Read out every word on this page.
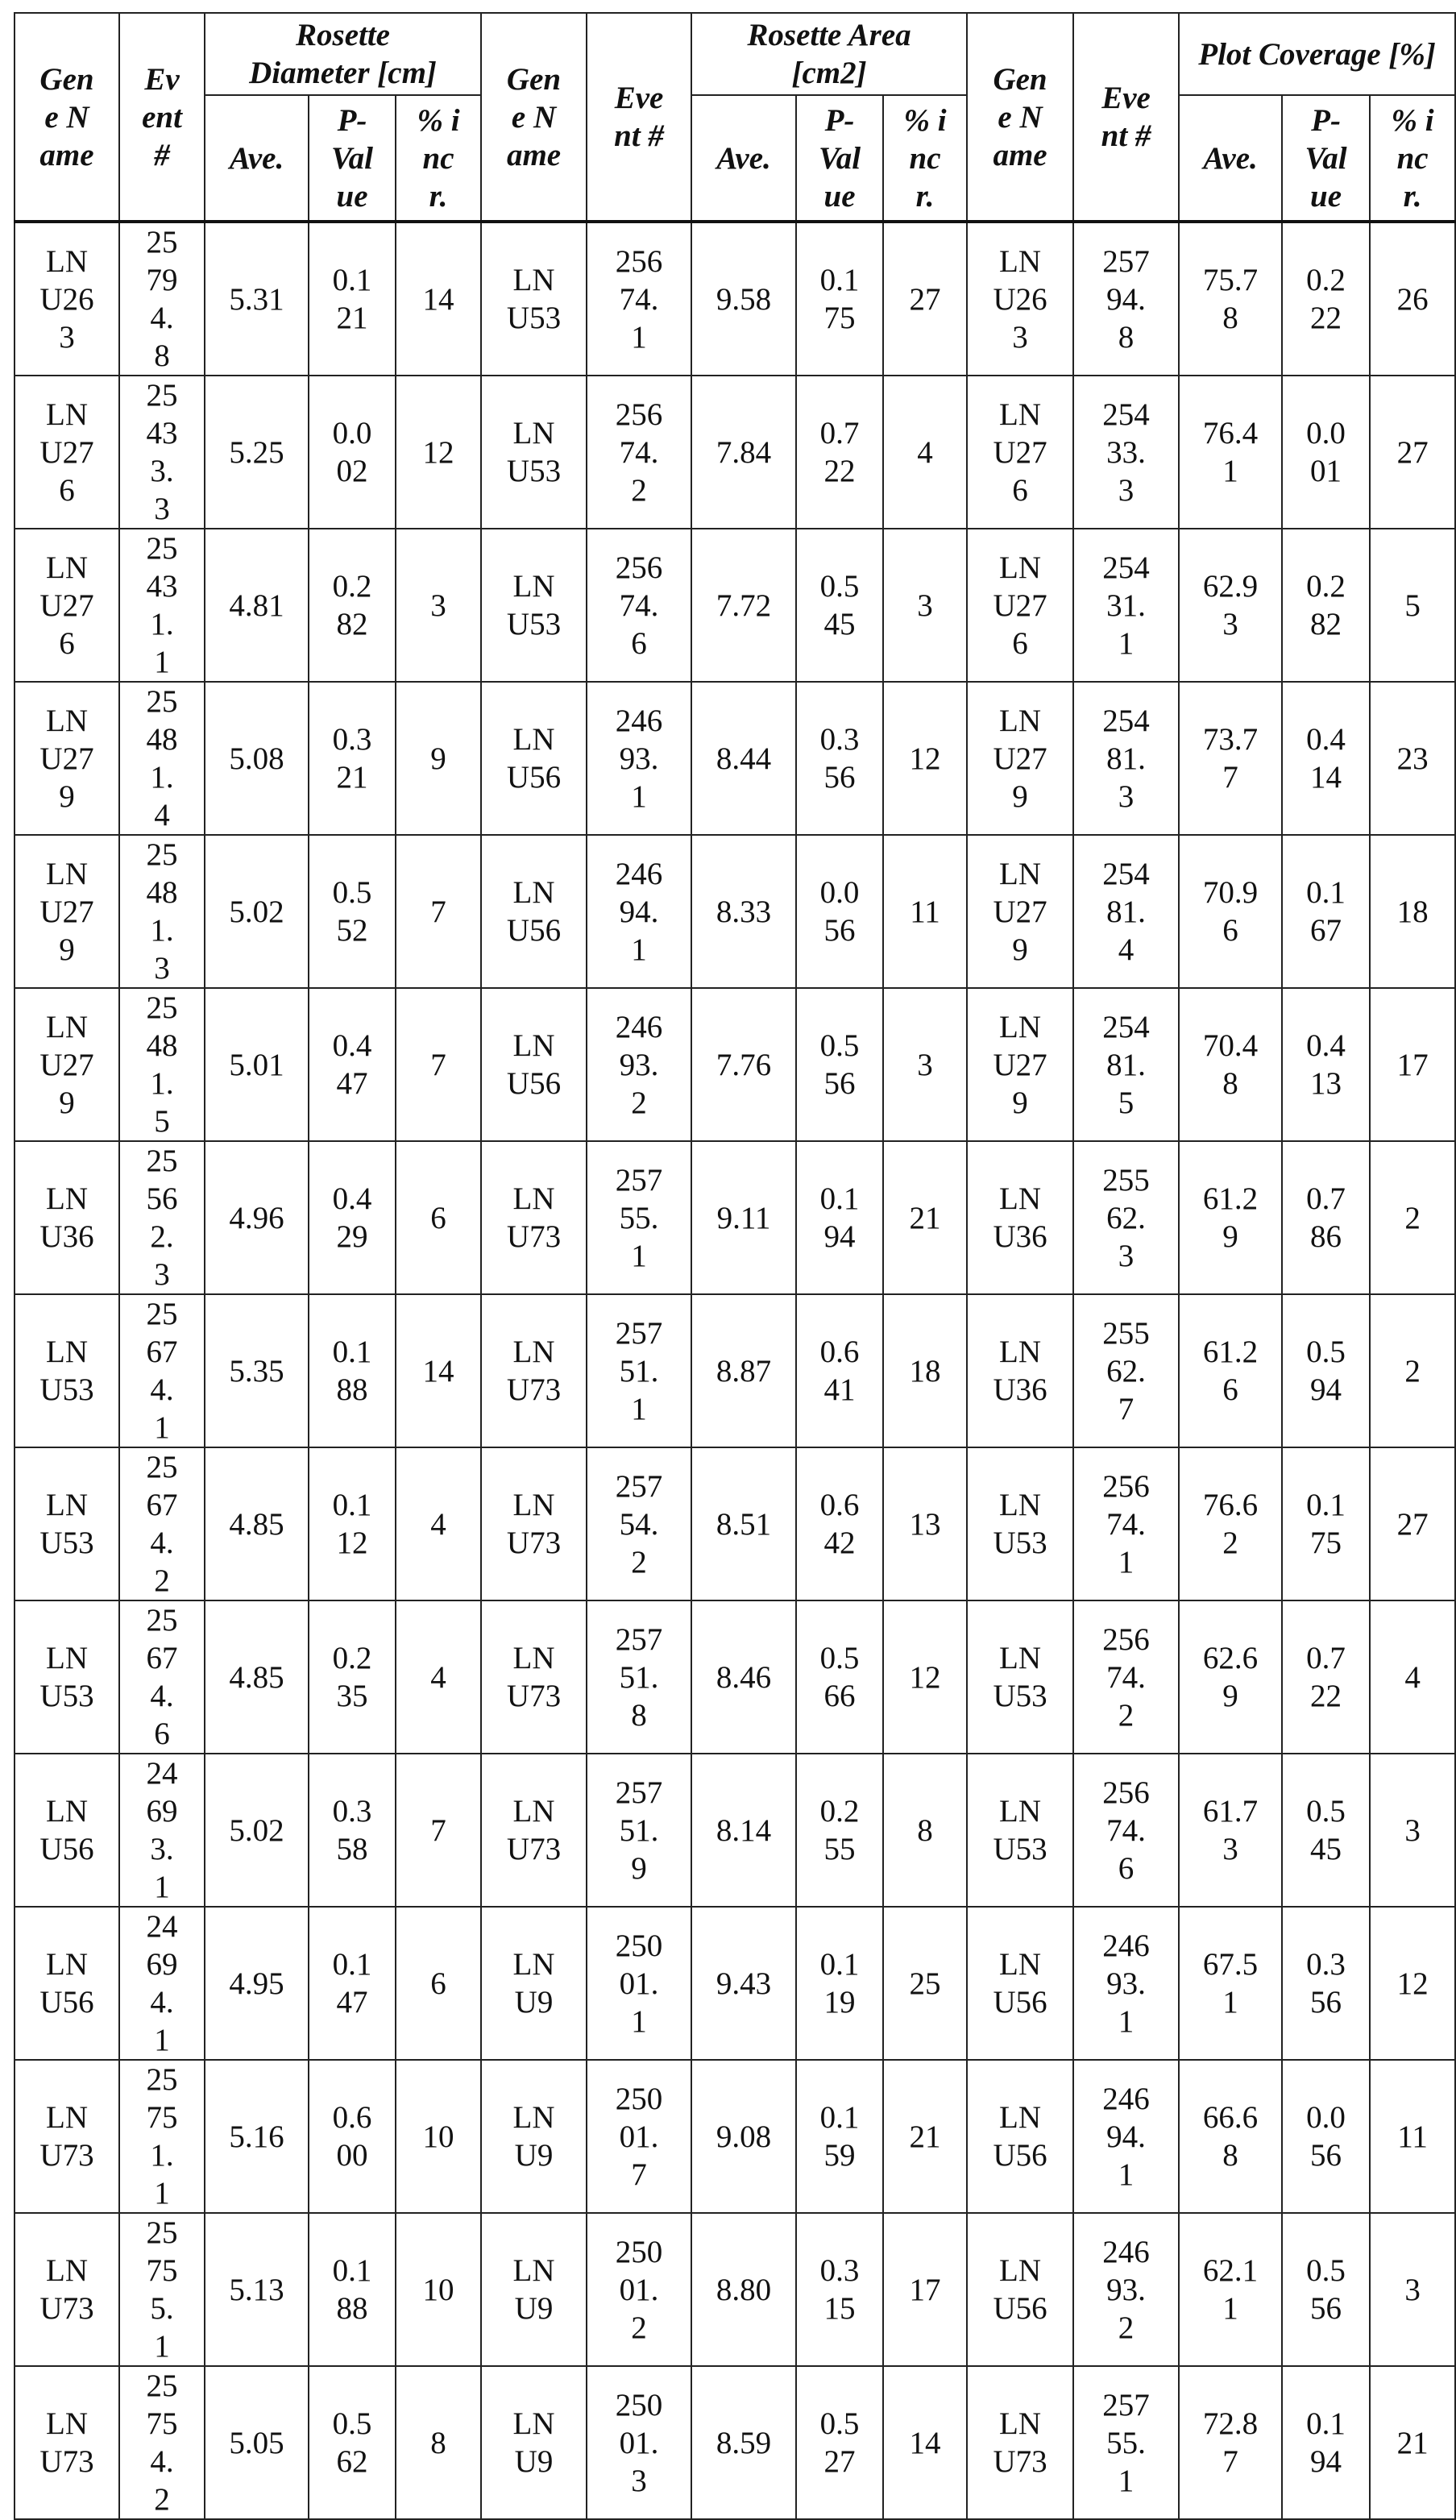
Gene Name

Event #

Rosette Diameter [cm]	Gene Name

Event #

Rosette Area [cm2]	Gene Name

Event #

Plot Coverage [%]

Ave.	
P-Value

% incr.
	Ave.	
P-Value

% incr.
	Ave.	
P-Value

% incr.

LNU263

25794.8

5.31

0.121

14

LNU53

25674.1

9.58

0.175

27

LNU263

25794.8

75.78

0.222

26

LNU276

25433.3

5.25

0.002

12

LNU53

25674.2

7.84

0.722

4

LNU276

25433.3

76.41

0.001

27

LNU276

25431.1

4.81

0.282

3

LNU53

25674.6

7.72

0.545

3

LNU276

25431.1

62.93

0.282

5

LNU279

25481.4

5.08

0.321

9

LNU56

24693.1

8.44

0.356

12

LNU279

25481.3

73.77

0.414

23

LNU279

25481.3

5.02

0.552

7

LNU56

24694.1

8.33

0.056

11

LNU279

25481.4

70.96

0.167

18

LNU279

25481.5

5.01

0.447

7

LNU56

24693.2

7.76

0.556

3

LNU279

25481.5

70.48

0.413

17

LNU36

25562.3

4.96

0.429

6

LNU73

25755.1

9.11

0.194

21

LNU36

25562.3

61.29

0.786

2

LNU53

25674.1

5.35

0.188

14

LNU73

25751.1

8.87

0.641

18

LNU36

25562.7

61.26

0.594

2

LNU53

25674.2

4.85

0.112

4

LNU73

25754.2

8.51

0.642

13

LNU53

25674.1

76.62

0.175

27

LNU53

25674.6

4.85

0.235

4

LNU73

25751.8

8.46

0.566

12

LNU53

25674.2

62.69

0.722

4

LNU56

24693.1

5.02

0.358

7

LNU73

25751.9

8.14

0.255

8

LNU53

25674.6

61.73

0.545

3

LNU56

24694.1

4.95

0.147

6

LNU9

25001.1

9.43

0.119

25

LNU56

24693.1

67.51

0.356

12

LNU73

25751.1

5.16

0.600

10

LNU9

25001.7

9.08

0.159

21

LNU56

24694.1

66.68

0.056

11

LNU73

25755.1

5.13

0.188

10

LNU9

25001.2

8.80

0.315

17

LNU56

24693.2

62.11

0.556

3

LNU73

25754.2

5.05

0.562

8

LNU9

25001.3

8.59

0.527

14

LNU73

25755.1

72.87

0.194

21
